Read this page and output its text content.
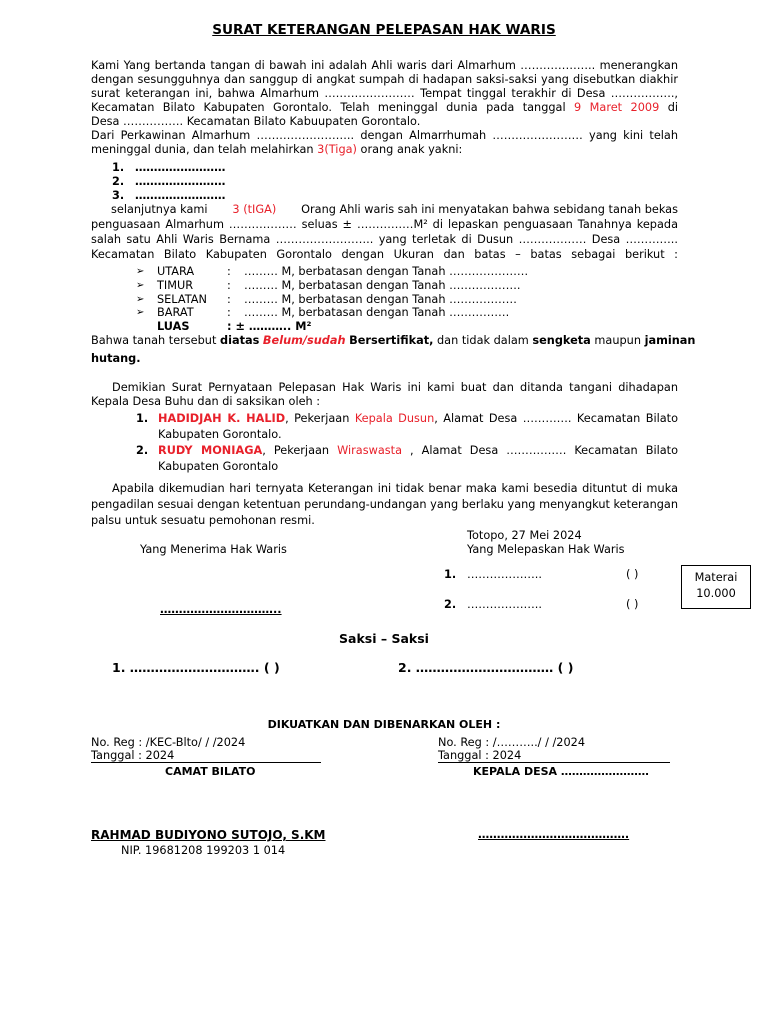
SURAT KETERANGAN PELEPASAN HAK WARIS
Kami Yang bertanda tangan di bawah ini adalah Ahli waris dari Almarhum ……………….. menerangkan
dengan sesungguhnya dan sanggup di angkat sumpah di hadapan saksi-saksi yang disebutkan diakhir
surat keterangan ini, bahwa Almarhum …………………… Tempat tinggal terakhir di Desa ……………..,
Kecamatan Bilato Kabupaten Gorontalo. Telah meninggal dunia pada tanggal 9 Maret 2009 di
Desa ……………. Kecamatan Bilato Kabuupaten Gorontalo.
Dari Perkawinan Almarhum …………………….. dengan Almarrhumah …………………… yang kini telah
meninggal dunia, dan telah melahirkan 3(Tiga) orang anak yakni:
1. ……………………
2. ……………………
3. ……………………
selanjutnya kami 3 (tIGA) Orang Ahli waris sah ini menyatakan bahwa sebidang tanah bekas
penguasaan Almarhum ……………… seluas ± ……………M² di lepaskan penguasaan Tanahnya kepada
salah satu Ahli Waris Bernama …………………….. yang terletak di Dusun ……………… Desa …………..
Kecamatan Bilato Kabupaten Gorontalo dengan Ukuran dan batas – batas sebagai berikut :
➢ UTARA	: ……… M, berbatasan dengan Tanah …………………
➢ TIMUR	: ……… M, berbatasan dengan Tanah ……………….
➢ SELATAN : ……… M, berbatasan dengan Tanah ………………
➢ BARAT	: ……… M, berbatasan dengan Tanah …………….
LUAS	: ± ……….. M²
Bahwa tanah tersebut diatas Belum/sudah Bersertifikat, dan tidak dalam sengketa maupun jaminan
hutang.
Demikian Surat Pernyataan Pelepasan Hak Waris ini kami buat dan ditanda tangani dihadapan
Kepala Desa Buhu dan di saksikan oleh :
1. HADIDJAH K. HALID, Pekerjaan Kepala Dusun, Alamat Desa …………. Kecamatan Bilato
Kabupaten Gorontalo.
2. RUDY MONIAGA, Pekerjaan Wiraswasta , Alamat Desa ……………. Kecamatan Bilato
Kabupaten Gorontalo
Apabila dikemudian hari ternyata Keterangan ini tidak benar maka kami besedia dituntut di muka
pengadilan sesuai dengan ketentuan perundang-undangan yang berlaku yang menyangkut keterangan
palsu untuk sesuatu pemohonan resmi.
Totopo, 27 Mei 2024
Yang Menerima Hak Waris	Yang Melepaskan Hak Waris
1. ………………..	( )
2. ………………..	( )
Materai
10.000
…………………………..
Saksi – Saksi
1. …………………………. ( )	2. …………………………… ( )
DIKUATKAN DAN DIBENARKAN OLEH :
No. Reg : /KEC-Blto/ / /2024
Tanggal : 2024
No. Reg : /………../ / /2024
Tanggal : 2024
CAMAT BILATO	KEPALA DESA ……………………
RAHMAD BUDIYONO SUTOJO, S.KM	………………………………….
NIP. 19681208 199203 1 014
